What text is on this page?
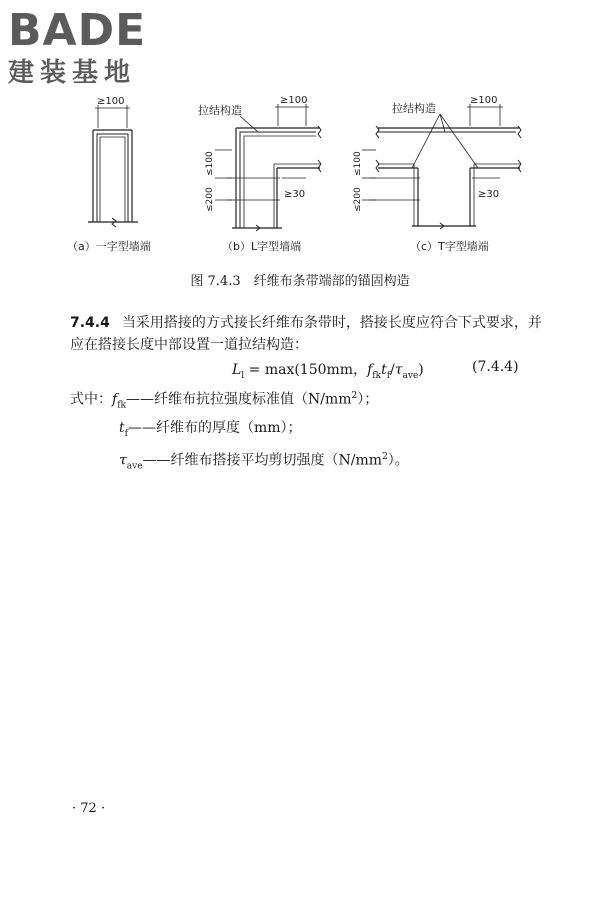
BADE
建装基地
≥100	≥100	≥100
拉结构造	拉结构造
≥30	≥30
≤100
≤200
≤100
≤200
（a）一字型墙端	（b）L字型墙端	（c）T字型墙端
图 7.4.3　纤维布条带端部的锚固构造
7.4.4 当采用搭接的方式接长纤维布条带时，搭接长度应符合下式要求，并应在搭接长度中部设置一道拉结构造：
$L_l = \max(150mm$，$f_{fk}t_f/\tau_{ave}$)	(7.4.4)
式中：$f_{fk}——$纤维布抗拉强度标准值$(N/mm^2)$；
$t_f——$纤维布的厚度（mm）；
$\tau_{ave}——$纤维布搭接平均剪切强度$(N/mm^2)$。
· 72 ·
